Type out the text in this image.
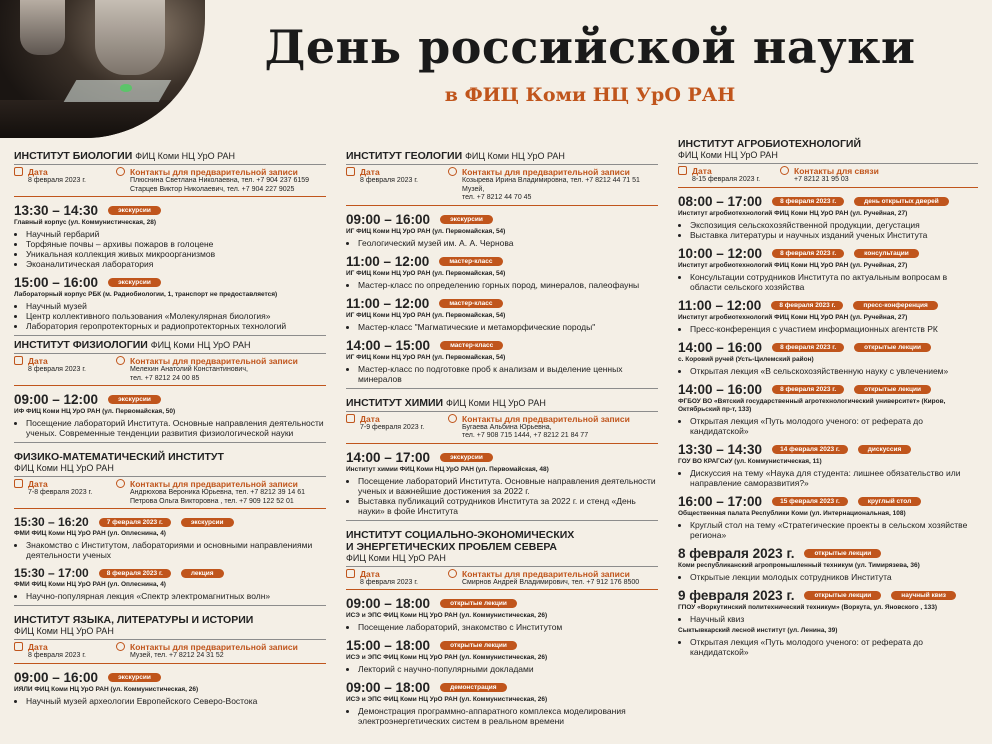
День российской науки
в ФИЦ Коми НЦ УрО РАН
ИНСТИТУТ БИОЛОГИИ ФИЦ Коми НЦ УрО РАН
Дата
8 февраля 2023 г.
Контакты для предварительной записи
Плюснина Светлана Николаевна, тел. +7 904 237 6159
Старцев Виктор Николаевич, тел. +7 904 227 9025
13:30 – 14:30	экскурсии
Главный корпус (ул. Коммунистическая, 28)
• Научный гербарий
• Торфяные почвы – архивы пожаров в голоцене
• Уникальная коллекция живых микроорганизмов
• Экоаналитическая лаборатория
15:00 – 16:00	экскурсии
Лабораторный корпус РБК (м. Радиобиологии, 1, транспорт не предоставляется)
• Научный музей
• Центр коллективного пользования «Молекулярная биология»
• Лаборатория геропротекторных и радиопротекторных технологий
ИНСТИТУТ ФИЗИОЛОГИИ ФИЦ Коми НЦ УрО РАН
Дата
8 февраля 2023 г.
Контакты для предварительной записи
Мелехин Анатолий Константинович,
тел. +7 8212 24 00 85
09:00 – 12:00	экскурсии
ИФ ФИЦ Коми НЦ УрО РАН (ул. Первомайская, 50)
• Посещение лабораторий Института. Основные направления деятельности ученых. Современные тенденции развития физиологической науки
ФИЗИКО-МАТЕМАТИЧЕСКИЙ ИНСТИТУТ
ФИЦ Коми НЦ УрО РАН
Дата
7-8 февраля 2023 г.
Контакты для предварительной записи
Андрюхова Вероника Юрьевна, тел. +7 8212 39 14 61
Петрова Ольга Викторовна , тел. +7 909 122 52 01
15:30 – 16:20	7 февраля 2023 г.	экскурсии
ФМИ ФИЦ Коми НЦ УрО РАН (ул. Оплеснина, 4)
• Знакомство с Институтом, лабораториями и основными направлениями деятельности ученых
15:30 – 17:00	8 февраля 2023 г.	лекция
ФМИ ФИЦ Коми НЦ УрО РАН (ул. Оплеснина, 4)
• Научно-популярная лекция «Спектр электромагнитных волн»
ИНСТИТУТ ЯЗЫКА, ЛИТЕРАТУРЫ И ИСТОРИИ
ФИЦ Коми НЦ УрО РАН
Дата
8 февраля 2023 г.
Контакты для предварительной записи
Музей, тел. +7 8212 24 31 52
09:00 – 16:00	экскурсии
ИЯЛИ ФИЦ Коми НЦ УрО РАН (ул. Коммунистическая, 26)
• Научный музей археологии Европейского Северо-Востока
ИНСТИТУТ ГЕОЛОГИИ ФИЦ Коми НЦ УрО РАН
Дата
8 февраля 2023 г.
Контакты для предварительной записи
Козырева Ирина Владимировна, тел. +7 8212 44 71 51 Музей,
тел. +7 8212 44 70 45
09:00 – 16:00	экскурсии
ИГ ФИЦ Коми НЦ УрО РАН (ул. Первомайская, 54)
• Геологический музей им. А. А. Чернова
11:00 – 12:00	мастер-класс
ИГ ФИЦ Коми НЦ УрО РАН (ул. Первомайская, 54)
• Мастер-класс по определению горных пород, минералов, палеофауны
11:00 – 12:00	мастер-класс
ИГ ФИЦ Коми НЦ УрО РАН (ул. Первомайская, 54)
• Мастер-класс "Магматические и метаморфические породы"
14:00 – 15:00	мастер-класс
ИГ ФИЦ Коми НЦ УрО РАН (ул. Первомайская, 54)
• Мастер-класс по подготовке проб к анализам и выделение ценных минералов
ИНСТИТУТ ХИМИИ ФИЦ Коми НЦ УрО РАН
Дата
7-9 февраля 2023 г.
Контакты для предварительной записи
Бугаева Альбина Юрьевна,
тел. +7 908 715 1444, +7 8212 21 84 77
14:00 – 17:00	экскурсии
Институт химии ФИЦ Коми НЦ УрО РАН (ул. Первомайская, 48)
• Посещение лабораторий Института. Основные направления деятельности ученых и важнейшие достижения за 2022 г.
• Выставка публикаций сотрудников Института за 2022 г. и стенд «День науки» в фойе Института
ИНСТИТУТ СОЦИАЛЬНО-ЭКОНОМИЧЕСКИХ
И ЭНЕРГЕТИЧЕСКИХ ПРОБЛЕМ СЕВЕРА
ФИЦ Коми НЦ УрО РАН
Дата
8 февраля 2023 г.
Контакты для предварительной записи
Смирнов Андрей Владимирович, тел. +7 912 176 8500
09:00 – 18:00	открытые лекции
ИСЭ и ЭПС ФИЦ Коми НЦ УрО РАН (ул. Коммунистическая, 26)
• Посещение лабораторий, знакомство с Институтом
15:00 – 18:00	открытые лекции
ИСЭ и ЭПС ФИЦ Коми НЦ УрО РАН (ул. Коммунистическая, 26)
• Лекторий с научно-популярными докладами
09:00 – 18:00	демонстрация
ИСЭ и ЭПС ФИЦ Коми НЦ УрО РАН (ул. Коммунистическая, 26)
• Демонстрация программно-аппаратного комплекса моделирования электроэнергетических систем в реальном времени
ИНСТИТУТ АГРОБИОТЕХНОЛОГИЙ
ФИЦ Коми НЦ УрО РАН
Дата
8-15 февраля 2023 г.
Контакты для связи
+7 8212 31 95 03
08:00 – 17:00	8 февраля 2023 г.	день открытых дверей
Институт агробиотехнологий ФИЦ Коми НЦ УрО РАН (ул. Ручейная, 27)
• Экспозиция сельскохозяйственной продукции, дегустация
• Выставка литературы и научных изданий ученых Института
10:00 – 12:00	8 февраля 2023 г.	консультации
Институт агробиотехнологий ФИЦ Коми НЦ УрО РАН (ул. Ручейная, 27)
• Консультации сотрудников Института по актуальным вопросам в области сельского хозяйства
11:00 – 12:00	8 февраля 2023 г.	пресс-конференция
Институт агробиотехнологий ФИЦ Коми НЦ УрО РАН (ул. Ручейная, 27)
• Пресс-конференция с участием информационных агентств РК
14:00 – 16:00	8 февраля 2023 г.	открытые лекции
с. Коровий ручей (Усть-Цилемский район)
• Открытая лекция «В сельскохозяйственную науку с увлечением»
14:00 – 16:00	8 февраля 2023 г.	открытые лекции
ФГБОУ ВО «Вятский государственный агротехнологический университет» (Киров, Октябрьский пр-т, 133)
• Открытая лекция «Путь молодого ученого: от реферата до кандидатской»
13:30 – 14:30	14 февраля 2023 г.	дискуссия
ГОУ ВО КРАГСиУ (ул. Коммунистическая, 11)
• Дискуссия на тему «Наука для студента: лишнее обязательство или направление саморазвития?»
16:00 – 17:00	15 февраля 2023 г.	круглый стол
Общественная палата Республики Коми (ул. Интернациональная, 108)
• Круглый стол на тему «Стратегические проекты в сельском хозяйстве региона»
8 февраля 2023 г.	открытые лекции
Коми республиканский агропромышленный техникум (ул. Тимирязева, 36)
• Открытые лекции молодых сотрудников Института
9 февраля 2023 г.	открытые лекции	научный квиз
ГПОУ «Воркутинский политехнический техникум» (Воркута, ул. Яновского , 133)
• Научный квиз
Сыктывкарский лесной институт (ул. Ленина, 39)
• Открытая лекция «Путь молодого ученого: от реферата до кандидатской»
